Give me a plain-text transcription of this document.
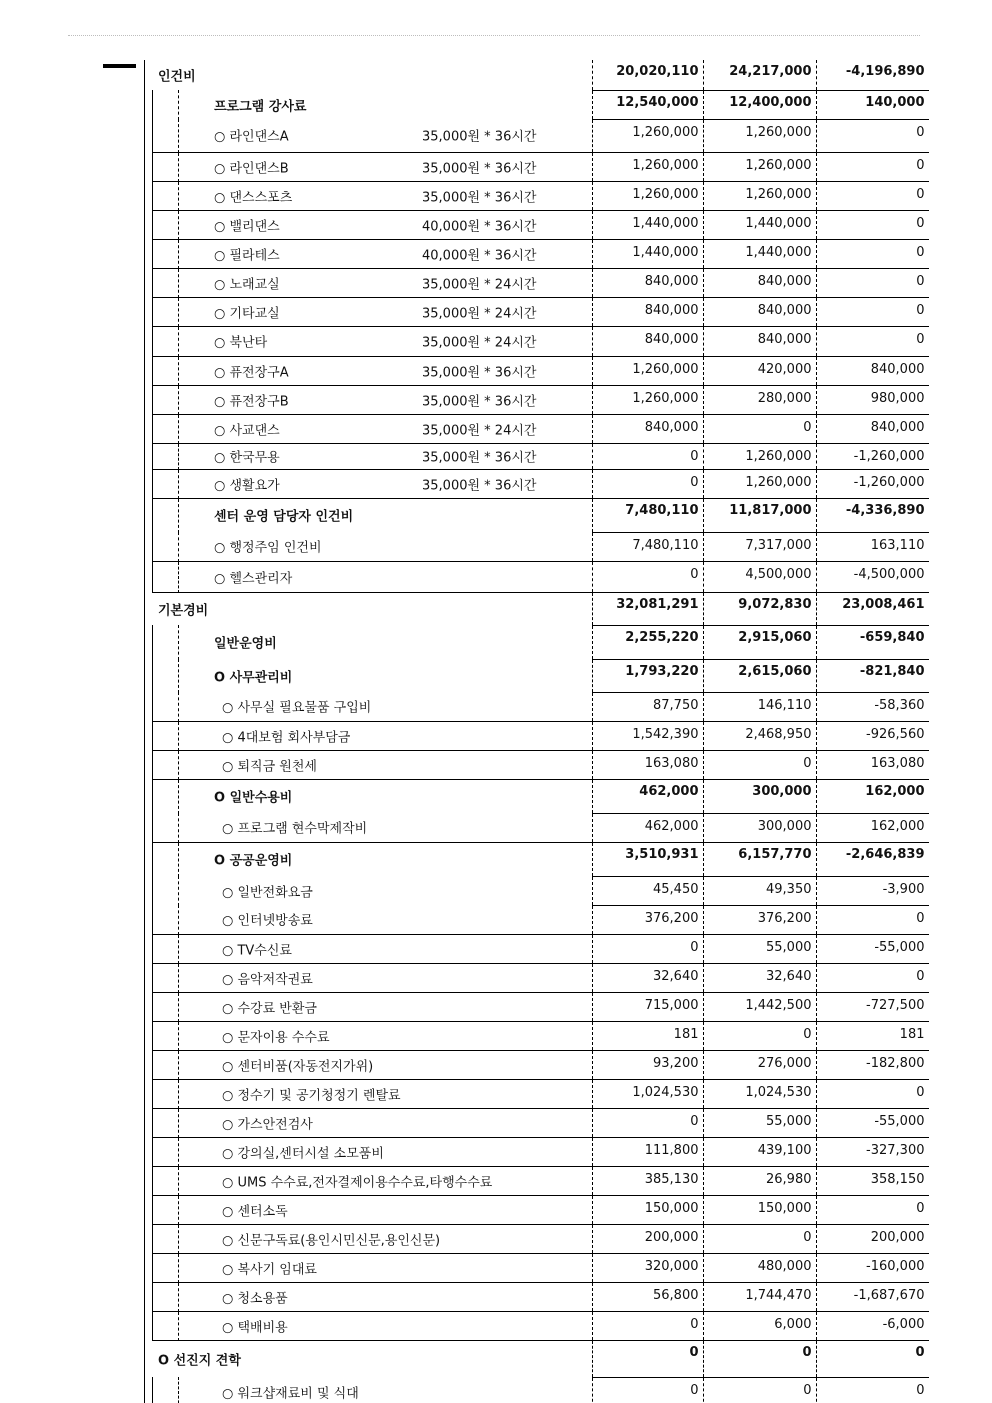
인건비	20,020,110	24,217,000	-4,196,890

프로그램 강사료	12,540,000	12,400,000	140,000

○ 라인댄스A 35,000원 * 36시간	1,260,000	1,260,000	0

○ 라인댄스B 35,000원 * 36시간	1,260,000	1,260,000	0

○ 댄스스포츠 35,000원 * 36시간	1,260,000	1,260,000	0

○ 밸리댄스 40,000원 * 36시간	1,440,000	1,440,000	0

○ 필라테스 40,000원 * 36시간	1,440,000	1,440,000	0

○ 노래교실 35,000원 * 24시간	840,000	840,000	0

○ 기타교실 35,000원 * 24시간	840,000	840,000	0

○ 북난타 35,000원 * 24시간	840,000	840,000	0

○ 퓨전장구A 35,000원 * 36시간	1,260,000	420,000	840,000

○ 퓨전장구B 35,000원 * 36시간	1,260,000	280,000	980,000

○ 사교댄스 35,000원 * 24시간	840,000	0	840,000

○ 한국무용 35,000원 * 36시간	0	1,260,000	-1,260,000

○ 생활요가 35,000원 * 36시간	0	1,260,000	-1,260,000

센터 운영 담당자 인건비	7,480,110	11,817,000	-4,336,890

○ 행정주임 인건비	7,480,110	7,317,000	163,110

○ 헬스관리자	0	4,500,000	-4,500,000

기본경비	32,081,291	9,072,830	23,008,461

일반운영비	2,255,220	2,915,060	-659,840

O 사무관리비	1,793,220	2,615,060	-821,840

○ 사무실 필요물품 구입비	87,750	146,110	-58,360

○ 4대보험 회사부담금	1,542,390	2,468,950	-926,560

○ 퇴직금 원천세	163,080	0	163,080

O 일반수용비	462,000	300,000	162,000

○ 프로그램 현수막제작비	462,000	300,000	162,000

O 공공운영비	3,510,931	6,157,770	-2,646,839

○ 일반전화요금	45,450	49,350	-3,900

○ 인터넷방송료	376,200	376,200	0

○ TV수신료	0	55,000	-55,000

○ 음악저작권료	32,640	32,640	0

○ 수강료 반환금	715,000	1,442,500	-727,500

○ 문자이용 수수료	181	0	181

○ 센터비품(자동전지가위)	93,200	276,000	-182,800

○ 정수기 및 공기청정기 렌탈료	1,024,530	1,024,530	0

○ 가스안전검사	0	55,000	-55,000

○ 강의실,센터시설 소모품비	111,800	439,100	-327,300

○ UMS 수수료,전자결제이용수수료,타행수수료	385,130	26,980	358,150

○ 센터소독	150,000	150,000	0

○ 신문구독료(용인시민신문,용인신문)	200,000	0	200,000

○ 복사기 임대료	320,000	480,000	-160,000

○ 청소용품	56,800	1,744,470	-1,687,670

○ 택배비용	0	6,000	-6,000

O 선진지 견학	0	0	0

○ 워크샵재료비 및 식대	0	0	0
